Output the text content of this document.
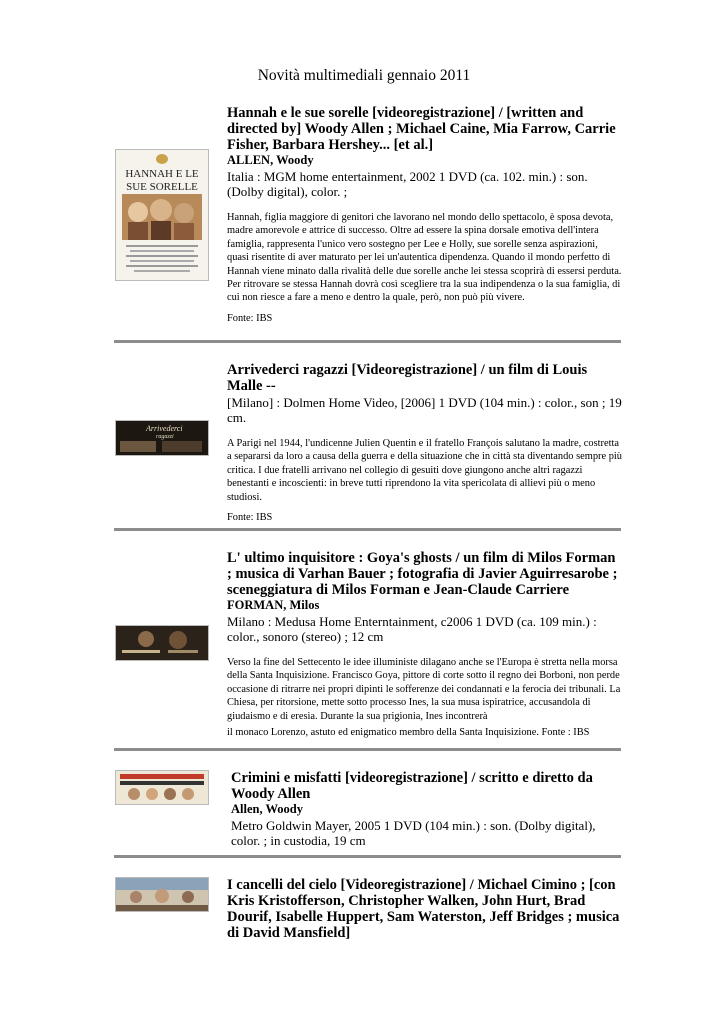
Novità multimediali gennaio 2011
HANNAH E LE
SUE SORELLE
Hannah e le sue sorelle [videoregistrazione] / [written and directed by] Woody Allen ; Michael Caine, Mia Farrow, Carrie Fisher, Barbara Hershey... [et al.]
ALLEN, Woody
Italia : MGM home entertainment, 2002 1 DVD (ca. 102. min.) : son. (Dolby digital), color. ;
Hannah, figlia maggiore di genitori che lavorano nel mondo dello spettacolo, è sposa devota, madre amorevole e attrice di successo. Oltre ad essere la spina dorsale emotiva dell'intera famiglia, rappresenta l'unico vero sostegno per Lee e Holly, sue sorelle senza aspirazioni, quasi risentite di aver maturato per lei un'autentica dipendenza. Quando il mondo perfetto di Hannah viene minato dalla rivalità delle due sorelle anche lei stessa scoprirà di essersi perduta. Per ritrovare se stessa Hannah dovrà così scegliere tra la sua indipendenza o la sua famiglia, di cui non riesce a fare a meno e dentro la quale, però, non può più vivere.
Fonte: IBS
Arrivederci
ragazzi
Arrivederci ragazzi [Videoregistrazione] / un film di Louis Malle --
[Milano] : Dolmen Home Video, [2006] 1 DVD (104 min.) : color., son ; 19 cm.
A Parigi nel 1944, l'undicenne Julien Quentin e il fratello François salutano la madre, costretta a separarsi da loro a causa della guerra e della situazione che in città sta diventando sempre più critica. I due fratelli arrivano nel collegio di gesuiti dove giungono anche altri ragazzi benestanti e incoscienti: in breve tutti riprendono la vita spericolata di allievi più o meno studiosi.
Fonte: IBS
L' ultimo inquisitore : Goya's ghosts / un film di Milos Forman ; musica di Varhan Bauer ; fotografia di Javier Aguirresarobe ; sceneggiatura di Milos Forman e Jean-Claude Carriere
FORMAN, Milos
Milano : Medusa Home Enterntainment, c2006 1 DVD (ca. 109 min.) : color., sonoro (stereo) ; 12 cm
Verso la fine del Settecento le idee illuministe dilagano anche se l'Europa è stretta nella morsa della Santa Inquisizione. Francisco Goya, pittore di corte sotto il regno dei Borboni, non perde occasione di ritrarre nei propri dipinti le sofferenze dei condannati e la ferocia dei tribunali. La Chiesa, per ritorsione, mette sotto processo Ines, la sua musa ispiratrice, accusandola di giudaismo e di eresia. Durante la sua prigionia, Ines incontrerà
il monaco Lorenzo, astuto ed enigmatico membro della Santa Inquisizione. Fonte : IBS
Crimini e misfatti [videoregistrazione] / scritto e diretto da Woody Allen
Allen, Woody
Metro Goldwin Mayer, 2005 1 DVD (104 min.) : son. (Dolby digital), color. ; in custodia, 19 cm
I cancelli del cielo [Videoregistrazione] / Michael Cimino ; [con Kris Kristofferson, Christopher Walken, John Hurt, Brad Dourif, Isabelle Huppert, Sam Waterston, Jeff Bridges ; musica di David Mansfield]
